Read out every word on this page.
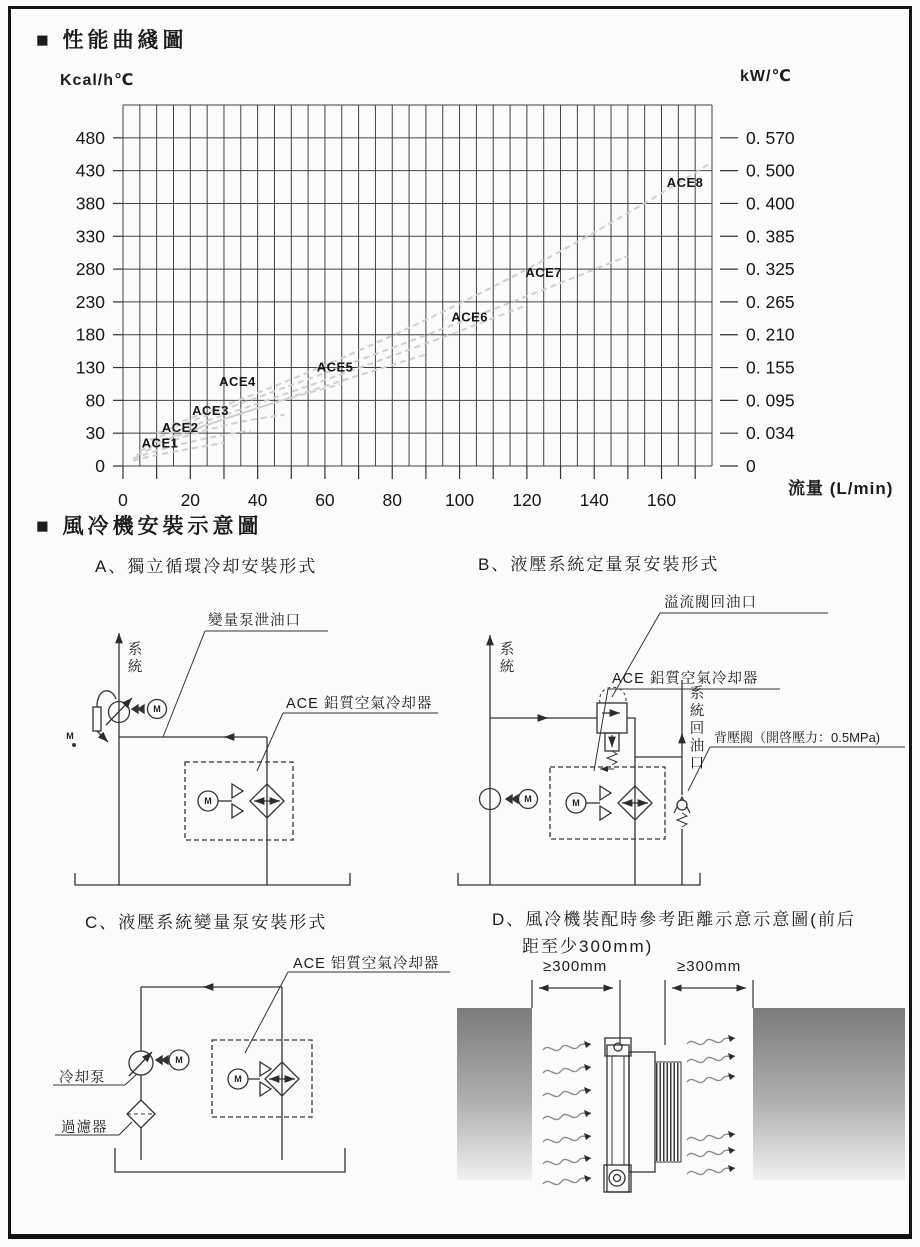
■ 性能曲綫圖
Kcal/h℃	kW/℃
流量 (L/min)
480
430
380
330
280
230
180
130
80
30
0
0. 570
0. 500
0. 400
0. 385
0. 325
0. 265
0. 210
0. 155
0. 095
0. 034
0
0	20	40	60	80 100 120 140 160
ACE1
ACE2
ACE3
ACE4
ACE5
ACE6
ACE7
ACE8
■ 風冷機安裝示意圖
A、獨立循環冷却安裝形式	B、液壓系統定量泵安裝形式
C、液壓系統變量泵安裝形式	D、風冷機裝配時參考距離示意示意圖(前后
距至少300mm)
M
M
M
系統
變量泵泄油口
ACE 鋁質空氣冷却器
M	M
系統
溢流閥回油口
ACE 鋁質空氣冷却器
系統回油口 背壓閥（開啓壓力：0.5MPa)
M
M
ACE 铝質空氣冷却器
冷却泵
過濾器
≥300mm	≥300mm
